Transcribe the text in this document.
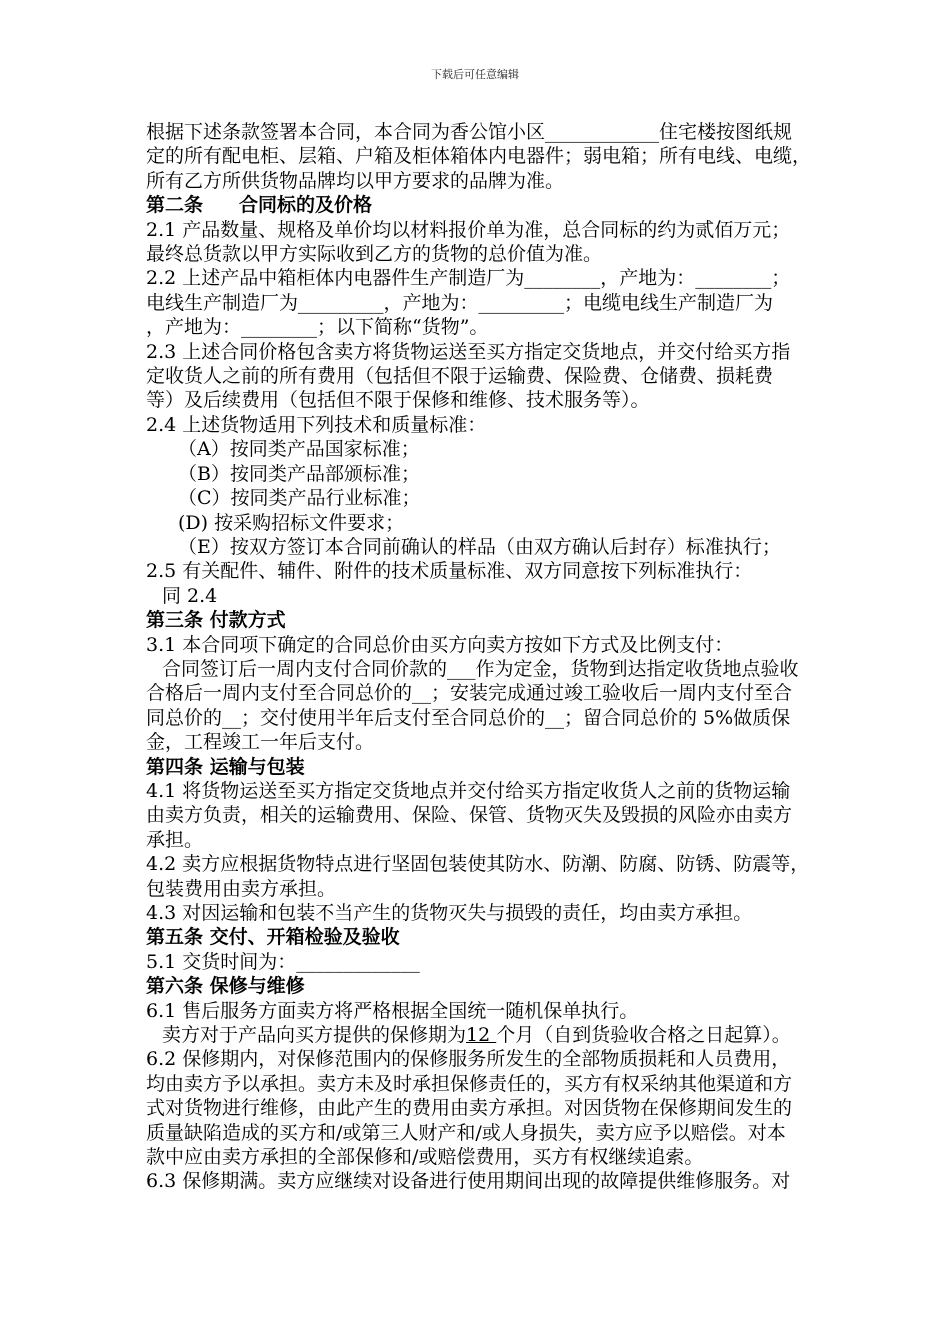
下载后可任意编辑

根据下述条款签署本合同，本合同为香公馆小区____________住宅楼按图纸规

定的所有配电柜、层箱、户箱及柜体箱体内电器件；弱电箱；所有电线、电缆，

所有乙方所供货物品牌均以甲方要求的品牌为准。

第二条 合同标的及价格

2.1 产品数量、规格及单价均以材料报价单为准，总合同标的约为贰佰万元；

最终总货款以甲方实际收到乙方的货物的总价值为准。

2.2 上述产品中箱柜体内电器件生产制造厂为________，产地为：________；

电线生产制造厂为_________，产地为：_________；电缆电线生产制造厂为

，产地为：________；以下简称“货物”。

2.3 上述合同价格包含卖方将货物运送至买方指定交货地点，并交付给买方指

定收货人之前的所有费用（包括但不限于运输费、保险费、仓储费、损耗费

等）及后续费用（包括但不限于保修和维修、技术服务等）。

2.4 上述货物适用下列技术和质量标准：

（A）按同类产品国家标准；

（B）按同类产品部颁标准；

（C）按同类产品行业标准；

(D) 按采购招标文件要求；

（E）按双方签订本合同前确认的样品（由双方确认后封存）标准执行；

2.5 有关配件、辅件、附件的技术质量标准、双方同意按下列标准执行：

同 2.4

第三条 付款方式

3.1 本合同项下确定的合同总价由买方向卖方按如下方式及比例支付：

合同签订后一周内支付合同价款的___作为定金，货物到达指定收货地点验收

合格后一周内支付至合同总价的__；安装完成通过竣工验收后一周内支付至合

同总价的__；交付使用半年后支付至合同总价的__；留合同总价的 5%做质保

金，工程竣工一年后支付。

第四条 运输与包装

4.1 将货物运送至买方指定交货地点并交付给买方指定收货人之前的货物运输

由卖方负责，相关的运输费用、保险、保管、货物灭失及毁损的风险亦由卖方

承担。

4.2 卖方应根据货物特点进行坚固包装使其防水、防潮、防腐、防锈、防震等，

包装费用由卖方承担。

4.3 对因运输和包装不当产生的货物灭失与损毁的责任，均由卖方承担。

第五条 交付、开箱检验及验收

5.1 交货时间为：_____________

第六条 保修与维修

6.1 售后服务方面卖方将严格根据全国统一随机保单执行。

卖方对于产品向买方提供的保修期为12 个月（自到货验收合格之日起算）。

6.2 保修期内，对保修范围内的保修服务所发生的全部物质损耗和人员费用，

均由卖方予以承担。卖方未及时承担保修责任的，买方有权采纳其他渠道和方

式对货物进行维修，由此产生的费用由卖方承担。对因货物在保修期间发生的

质量缺陷造成的买方和/或第三人财产和/或人身损失，卖方应予以赔偿。对本

款中应由卖方承担的全部保修和/或赔偿费用，买方有权继续追索。

6.3 保修期满。卖方应继续对设备进行使用期间出现的故障提供维修服务。对
